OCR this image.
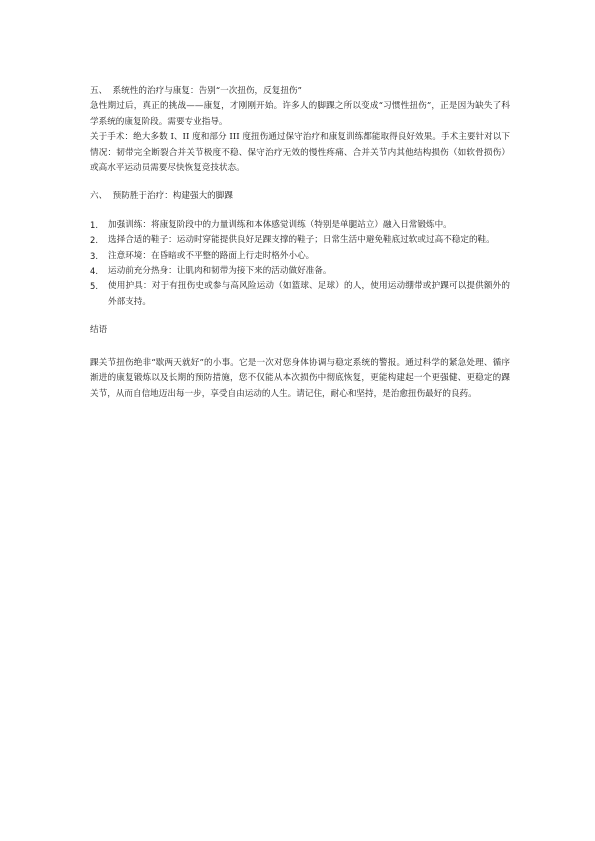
五、  系统性的治疗与康复：告别“一次扭伤，反复扭伤”

急性期过后，真正的挑战——康复，才刚刚开始。许多人的脚踝之所以变成“习惯性扭伤”，正是因为缺失了科学系统的康复阶段。需要专业指导。

关于手术：绝大多数 I、II 度和部分 III 度扭伤通过保守治疗和康复训练都能取得良好效果。手术主要针对以下情况：韧带完全断裂合并关节极度不稳、保守治疗无效的慢性疼痛、合并关节内其他结构损伤（如软骨损伤）或高水平运动员需要尽快恢复竞技状态。

六、  预防胜于治疗：构建强大的脚踝

1.	加强训练：将康复阶段中的力量训练和本体感觉训练（特别是单腿站立）融入日常锻炼中。
2.	选择合适的鞋子：运动时穿能提供良好足踝支撑的鞋子；日常生活中避免鞋底过软或过高不稳定的鞋。
3.	注意环境：在昏暗或不平整的路面上行走时格外小心。
4.	运动前充分热身：让肌肉和韧带为接下来的活动做好准备。
5.	使用护具：对于有扭伤史或参与高风险运动（如篮球、足球）的人，使用运动绷带或护踝可以提供额外的外部支持。

结语

踝关节扭伤绝非“歇两天就好”的小事。它是一次对您身体协调与稳定系统的警报。通过科学的紧急处理、循序渐进的康复锻炼以及长期的预防措施，您不仅能从本次损伤中彻底恢复，更能构建起一个更强健、更稳定的踝关节，从而自信地迈出每一步，享受自由运动的人生。请记住，耐心和坚持，是治愈扭伤最好的良药。
